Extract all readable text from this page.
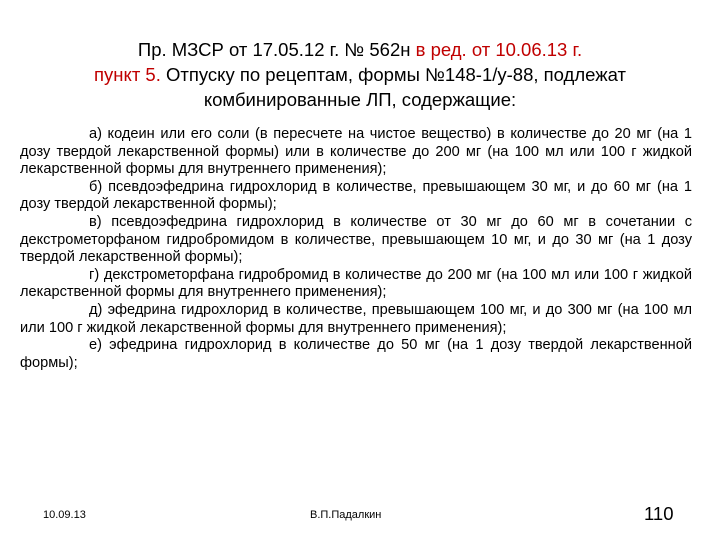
Пр. МЗСР от 17.05.12 г. № 562н в ред. от 10.06.13 г.
пункт 5. Отпуску по рецептам, формы №148-1/у-88, подлежат
комбинированные ЛП, содержащие:

а) кодеин или его соли (в пересчете на чистое вещество) в количестве до 20 мг (на 1 дозу твердой лекарственной формы) или в количестве до 200 мг (на 100 мл или 100 г жидкой лекарственной формы для внутреннего применения);

б) псевдоэфедрина гидрохлорид в количестве, превышающем 30 мг, и до 60 мг (на 1 дозу твердой лекарственной формы);

в) псевдоэфедрина гидрохлорид в количестве от 30 мг до 60 мг в сочетании с декстрометорфаном гидробромидом в количестве, превышающем 10 мг, и до 30 мг (на 1 дозу твердой лекарственной формы);

г) декстрометорфана гидробромид в количестве до 200 мг (на 100 мл или 100 г жидкой лекарственной формы для внутреннего применения);

д) эфедрина гидрохлорид в количестве, превышающем 100 мг, и до 300 мг (на 100 мл или 100 г жидкой лекарственной формы для внутреннего применения);

е) эфедрина гидрохлорид в количестве до 50 мг (на 1 дозу твердой лекарственной формы);

10.09.13	В.П.Падалкин	110
